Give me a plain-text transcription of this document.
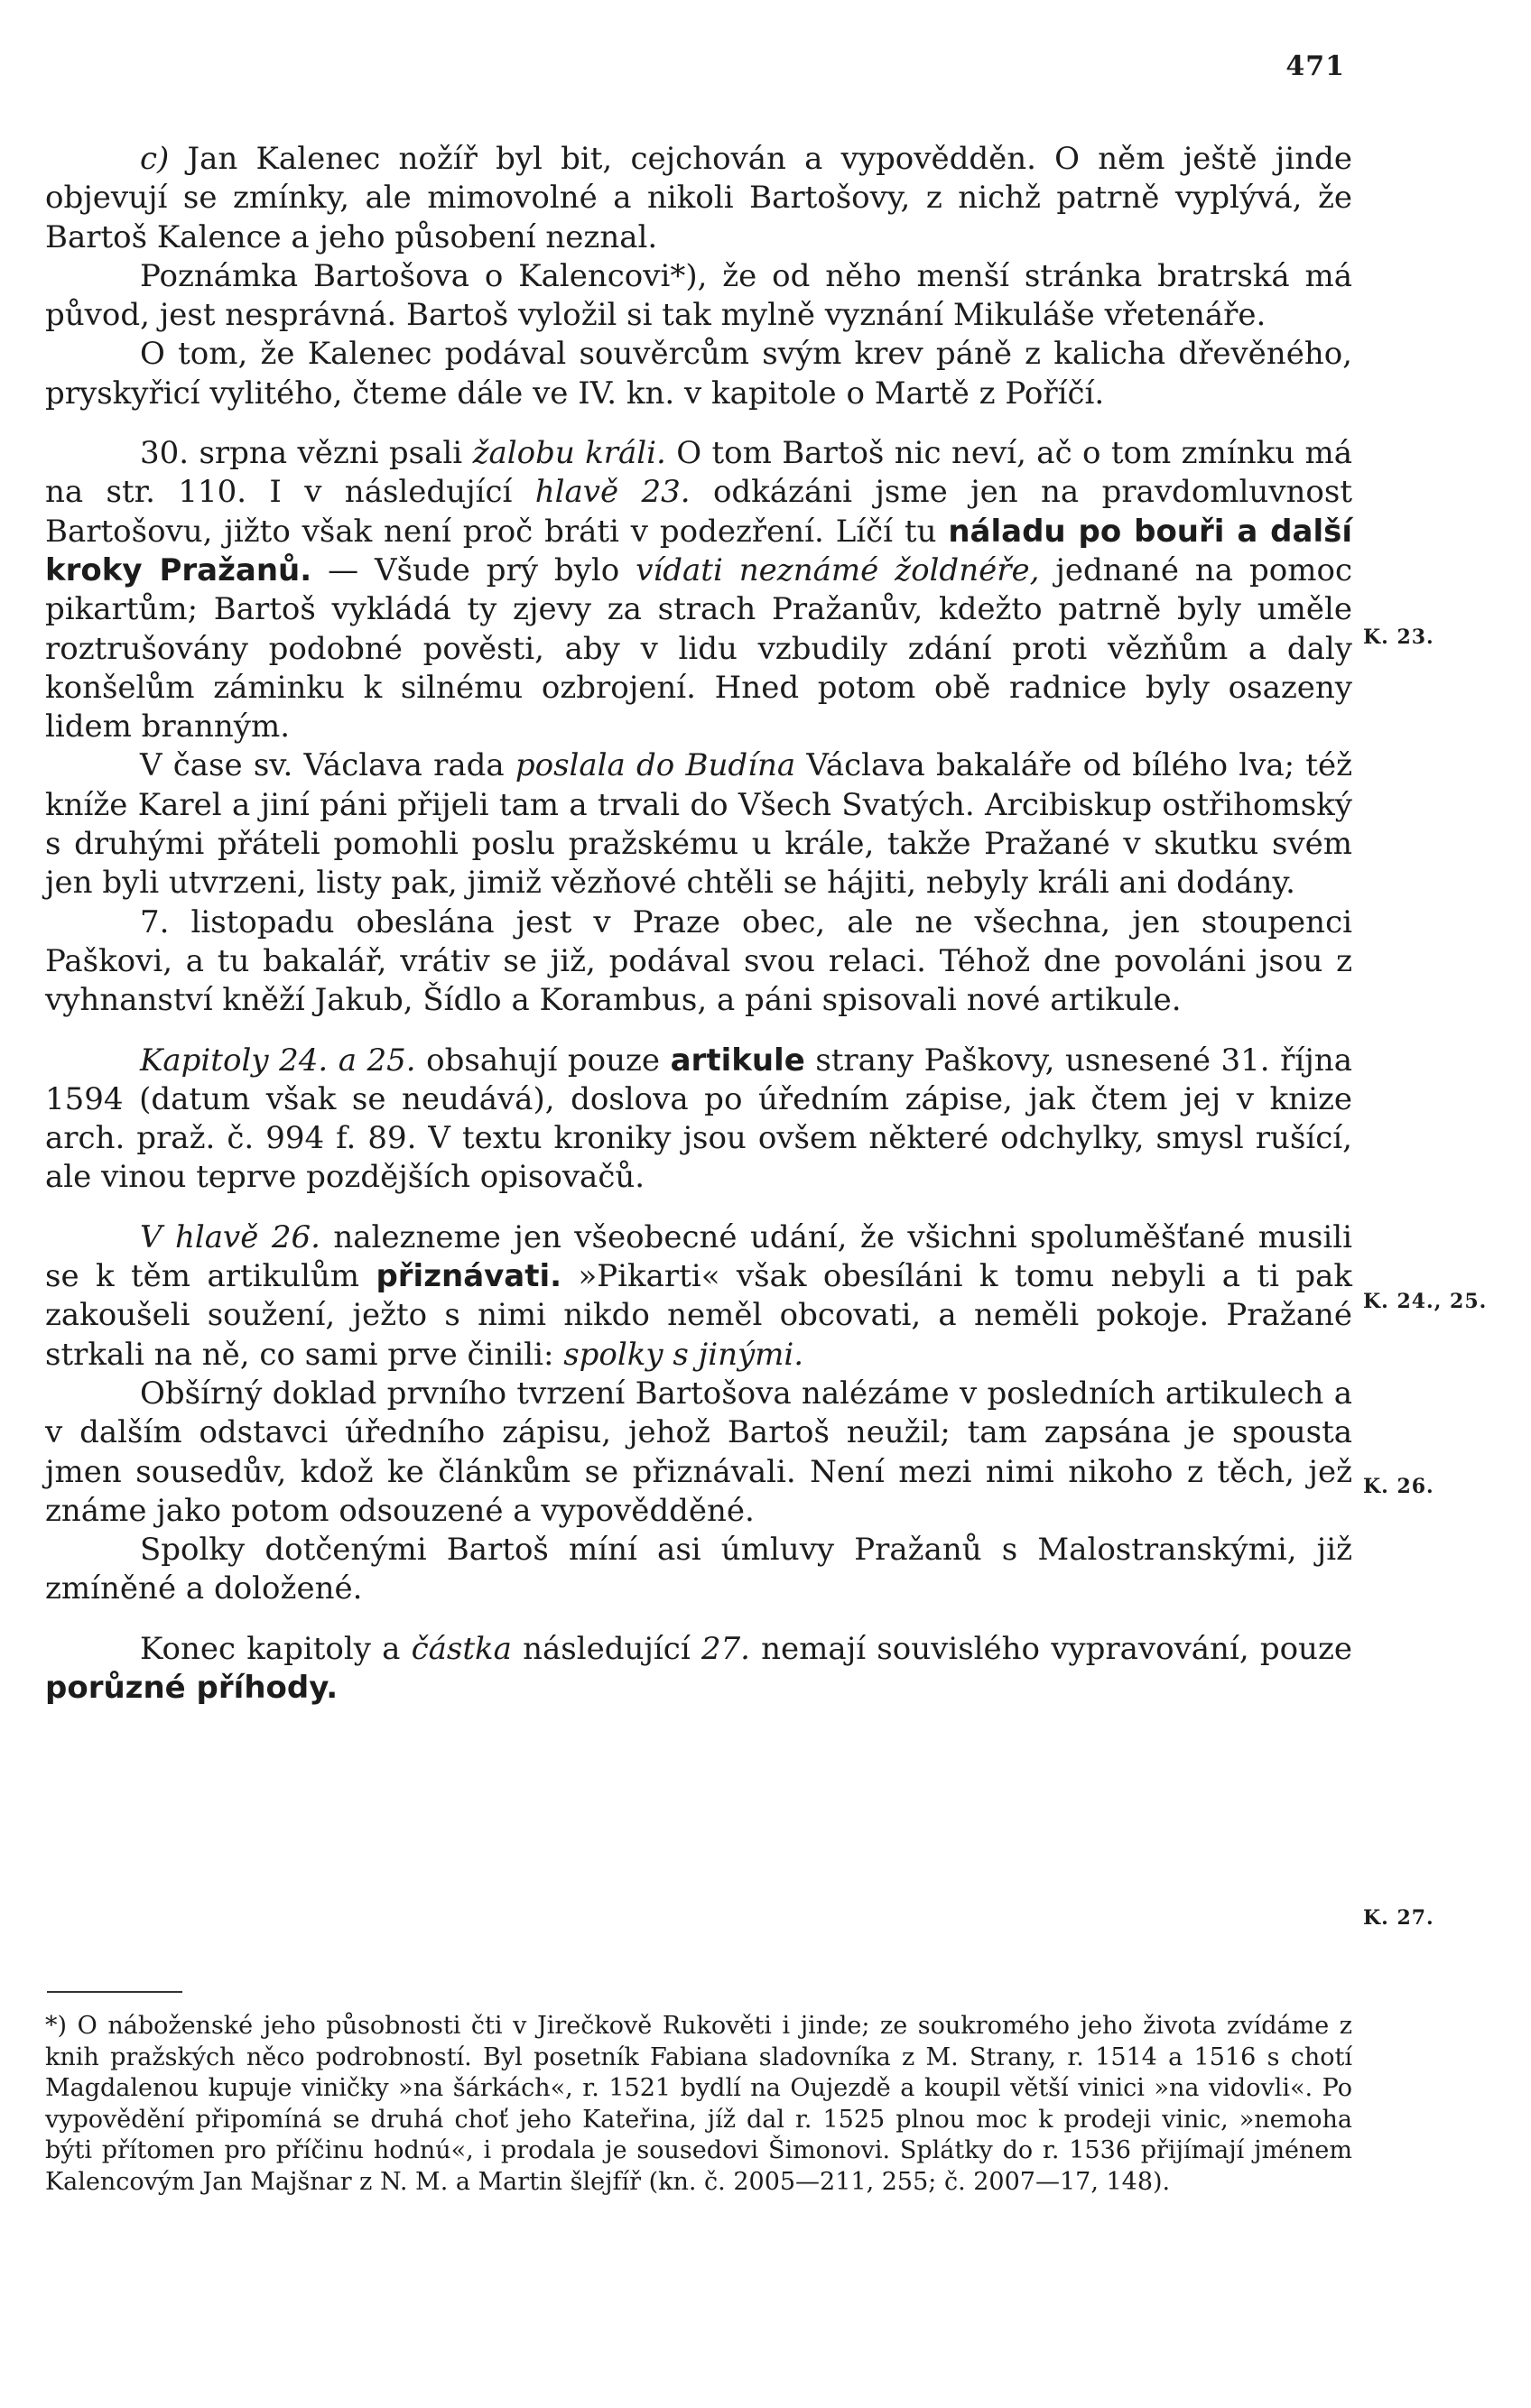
471

c) Jan Kalenec nožíř byl bit, cejchován a vypovědděn. O něm ještě jinde objevují se zmínky, ale mimovolné a nikoli Bartošovy, z nichž patrně vyplývá, že Bartoš Kalence a jeho působení neznal.

Poznámka Bartošova o Kalencovi*), že od něho menší stránka bratrská má původ, jest nesprávná. Bartoš vyložil si tak mylně vyznání Mikuláše vřetenáře.

O tom, že Kalenec podával souvěrcům svým krev páně z kalicha dřevěného, pryskyřicí vylitého, čteme dále ve IV. kn. v kapitole o Martě z Poříčí.

30. srpna vězni psali žalobu králi. O tom Bartoš nic neví, ač o tom zmínku má na str. 110. I v následující hlavě 23. odkázáni jsme jen na pravdomluvnost Bartošovu, jižto však není proč bráti v podezření. Líčí tu náladu po bouři a další kroky Pražanů. — Všude prý bylo vídati neznámé žoldnéře, jednané na pomoc pikartům; Bartoš vykládá ty zjevy za strach Pražanův, kdežto patrně byly uměle roztrušovány podobné pověsti, aby v lidu vzbudily zdání proti vězňům a daly konšelům záminku k silnému ozbrojení. Hned potom obě radnice byly osazeny lidem branným.

V čase sv. Václava rada poslala do Budína Václava bakaláře od bílého lva; též kníže Karel a jiní páni přijeli tam a trvali do Všech Svatých. Arcibiskup ostřihomský s druhými přáteli pomohli poslu pražskému u krále, takže Pražané v skutku svém jen byli utvrzeni, listy pak, jimiž vězňové chtěli se hájiti, nebyly králi ani dodány.

7. listopadu obeslána jest v Praze obec, ale ne všechna, jen stoupenci Paškovi, a tu bakalář, vrátiv se již, podával svou relaci. Téhož dne povoláni jsou z vyhnanství kněží Jakub, Šídlo a Korambus, a páni spisovali nové artikule.

Kapitoly 24. a 25. obsahují pouze artikule strany Paškovy, usnesené 31. října 1594 (datum však se neudává), doslova po úředním zápise, jak čtem jej v knize arch. praž. č. 994 f. 89. V textu kroniky jsou ovšem některé odchylky, smysl rušící, ale vinou teprve pozdějších opisovačů.

V hlavě 26. nalezneme jen všeobecné udání, že všichni spoluměšťané musili se k těm artikulům přiznávati. »Pikarti« však obesíláni k tomu nebyli a ti pak zakoušeli soužení, ježto s nimi nikdo neměl obcovati, a neměli pokoje. Pražané strkali na ně, co sami prve činili: spolky s jinými.

Obšírný doklad prvního tvrzení Bartošova nalézáme v posledních artikulech a v dalším odstavci úředního zápisu, jehož Bartoš neužil; tam zapsána je spousta jmen sousedův, kdož ke článkům se přiznávali. Není mezi nimi nikoho z těch, jež známe jako potom odsouzené a vypovědděné.

Spolky dotčenými Bartoš míní asi úmluvy Pražanů s Malostranskými, již zmíněné a doložené.

Konec kapitoly a částka následující 27. nemají souvislého vypravování, pouze porůzné příhody.

K. 23.
K. 24., 25.
K. 26.
K. 27.

*) O náboženské jeho působnosti čti v Jirečkově Rukověti i jinde; ze soukromého jeho života zvídáme z knih pražských něco podrobností. Byl posetník Fabiana sladovníka z M. Strany, r. 1514 a 1516 s chotí Magdalenou kupuje viničky »na šárkách«, r. 1521 bydlí na Oujezdě a koupil větší vinici »na vidovli«. Po vypovědění připomíná se druhá choť jeho Kateřina, jíž dal r. 1525 plnou moc k prodeji vinic, »nemoha býti přítomen pro příčinu hodnú«, i prodala je sousedovi Šimonovi. Splátky do r. 1536 přijímají jménem Kalencovým Jan Majšnar z N. M. a Martin šlejfíř (kn. č. 2005—211, 255; č. 2007—17, 148).
